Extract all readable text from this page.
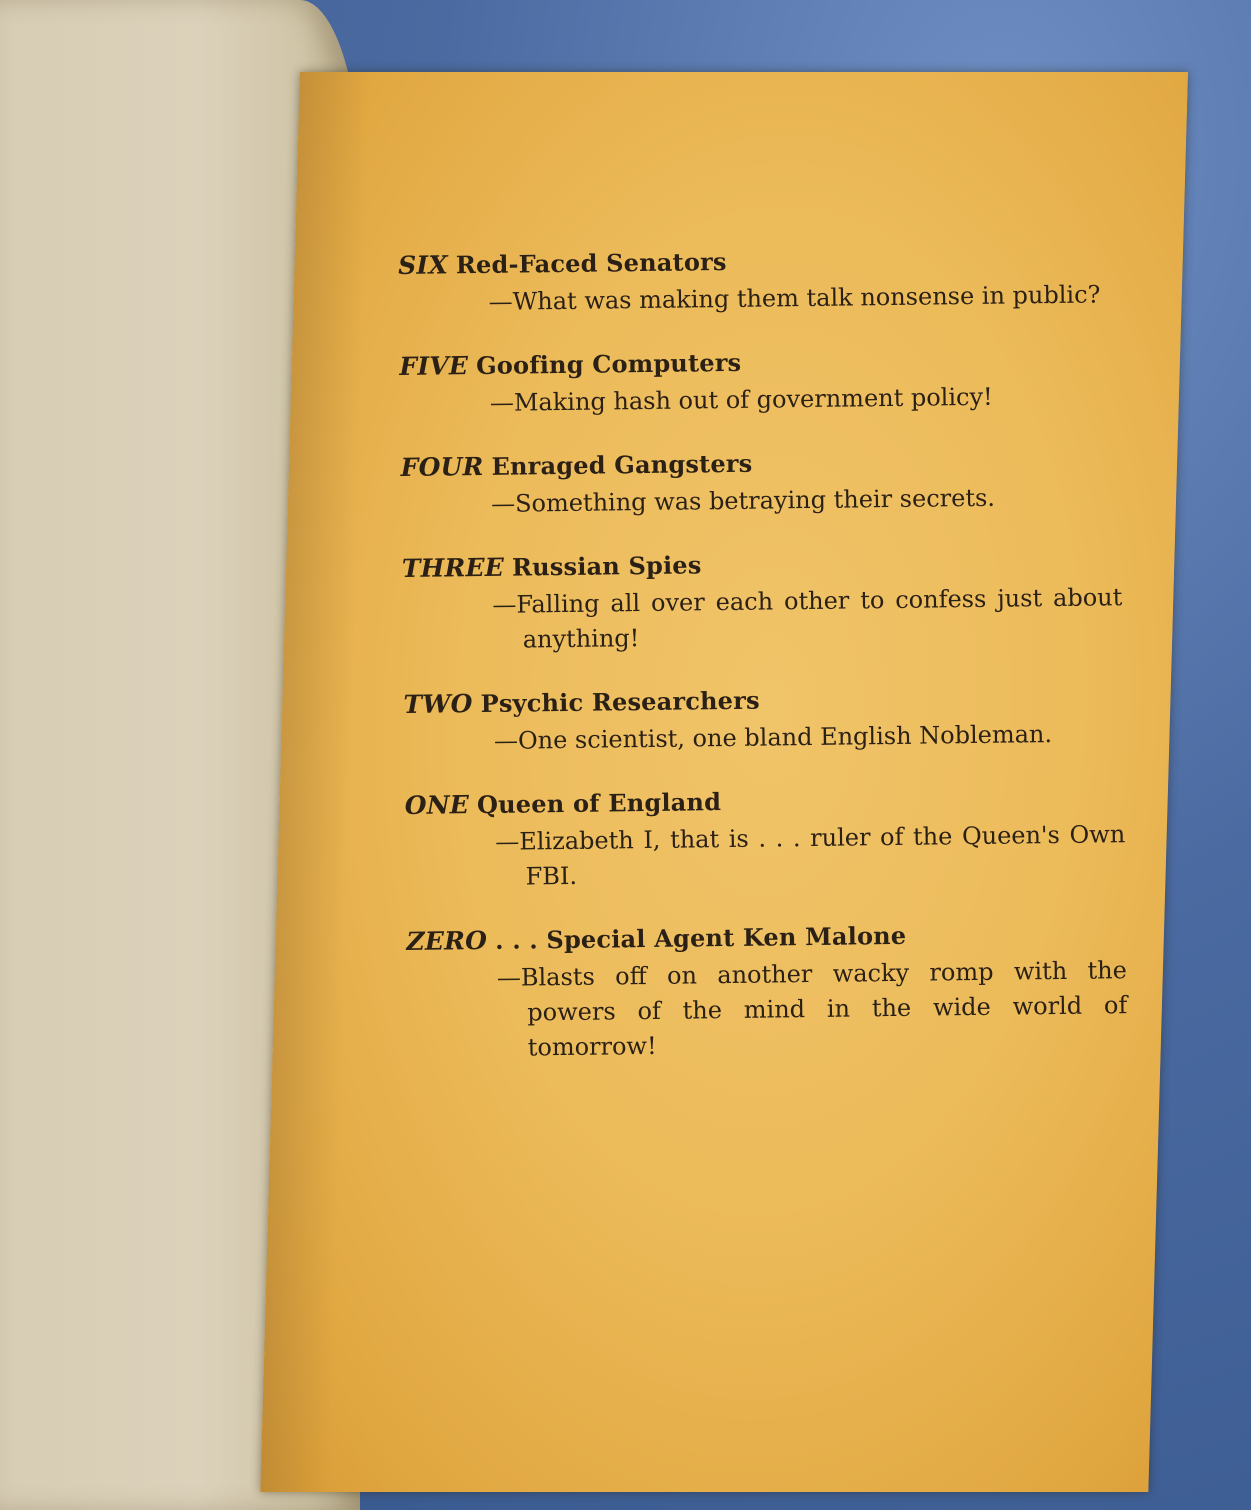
SIX Red-Faced Senators
—What was making them talk nonsense in public?
FIVE Goofing Computers
—Making hash out of government policy!
FOUR Enraged Gangsters
—Something was betraying their secrets.
THREE Russian Spies
—Falling all over each other to confess just about anything!
TWO Psychic Researchers
—One scientist, one bland English Nobleman.
ONE Queen of England
—Elizabeth I, that is . . . ruler of the Queen's Own FBI.
ZERO . . . Special Agent Ken Malone
—Blasts off on another wacky romp with the powers of the mind in the wide world of tomorrow!
